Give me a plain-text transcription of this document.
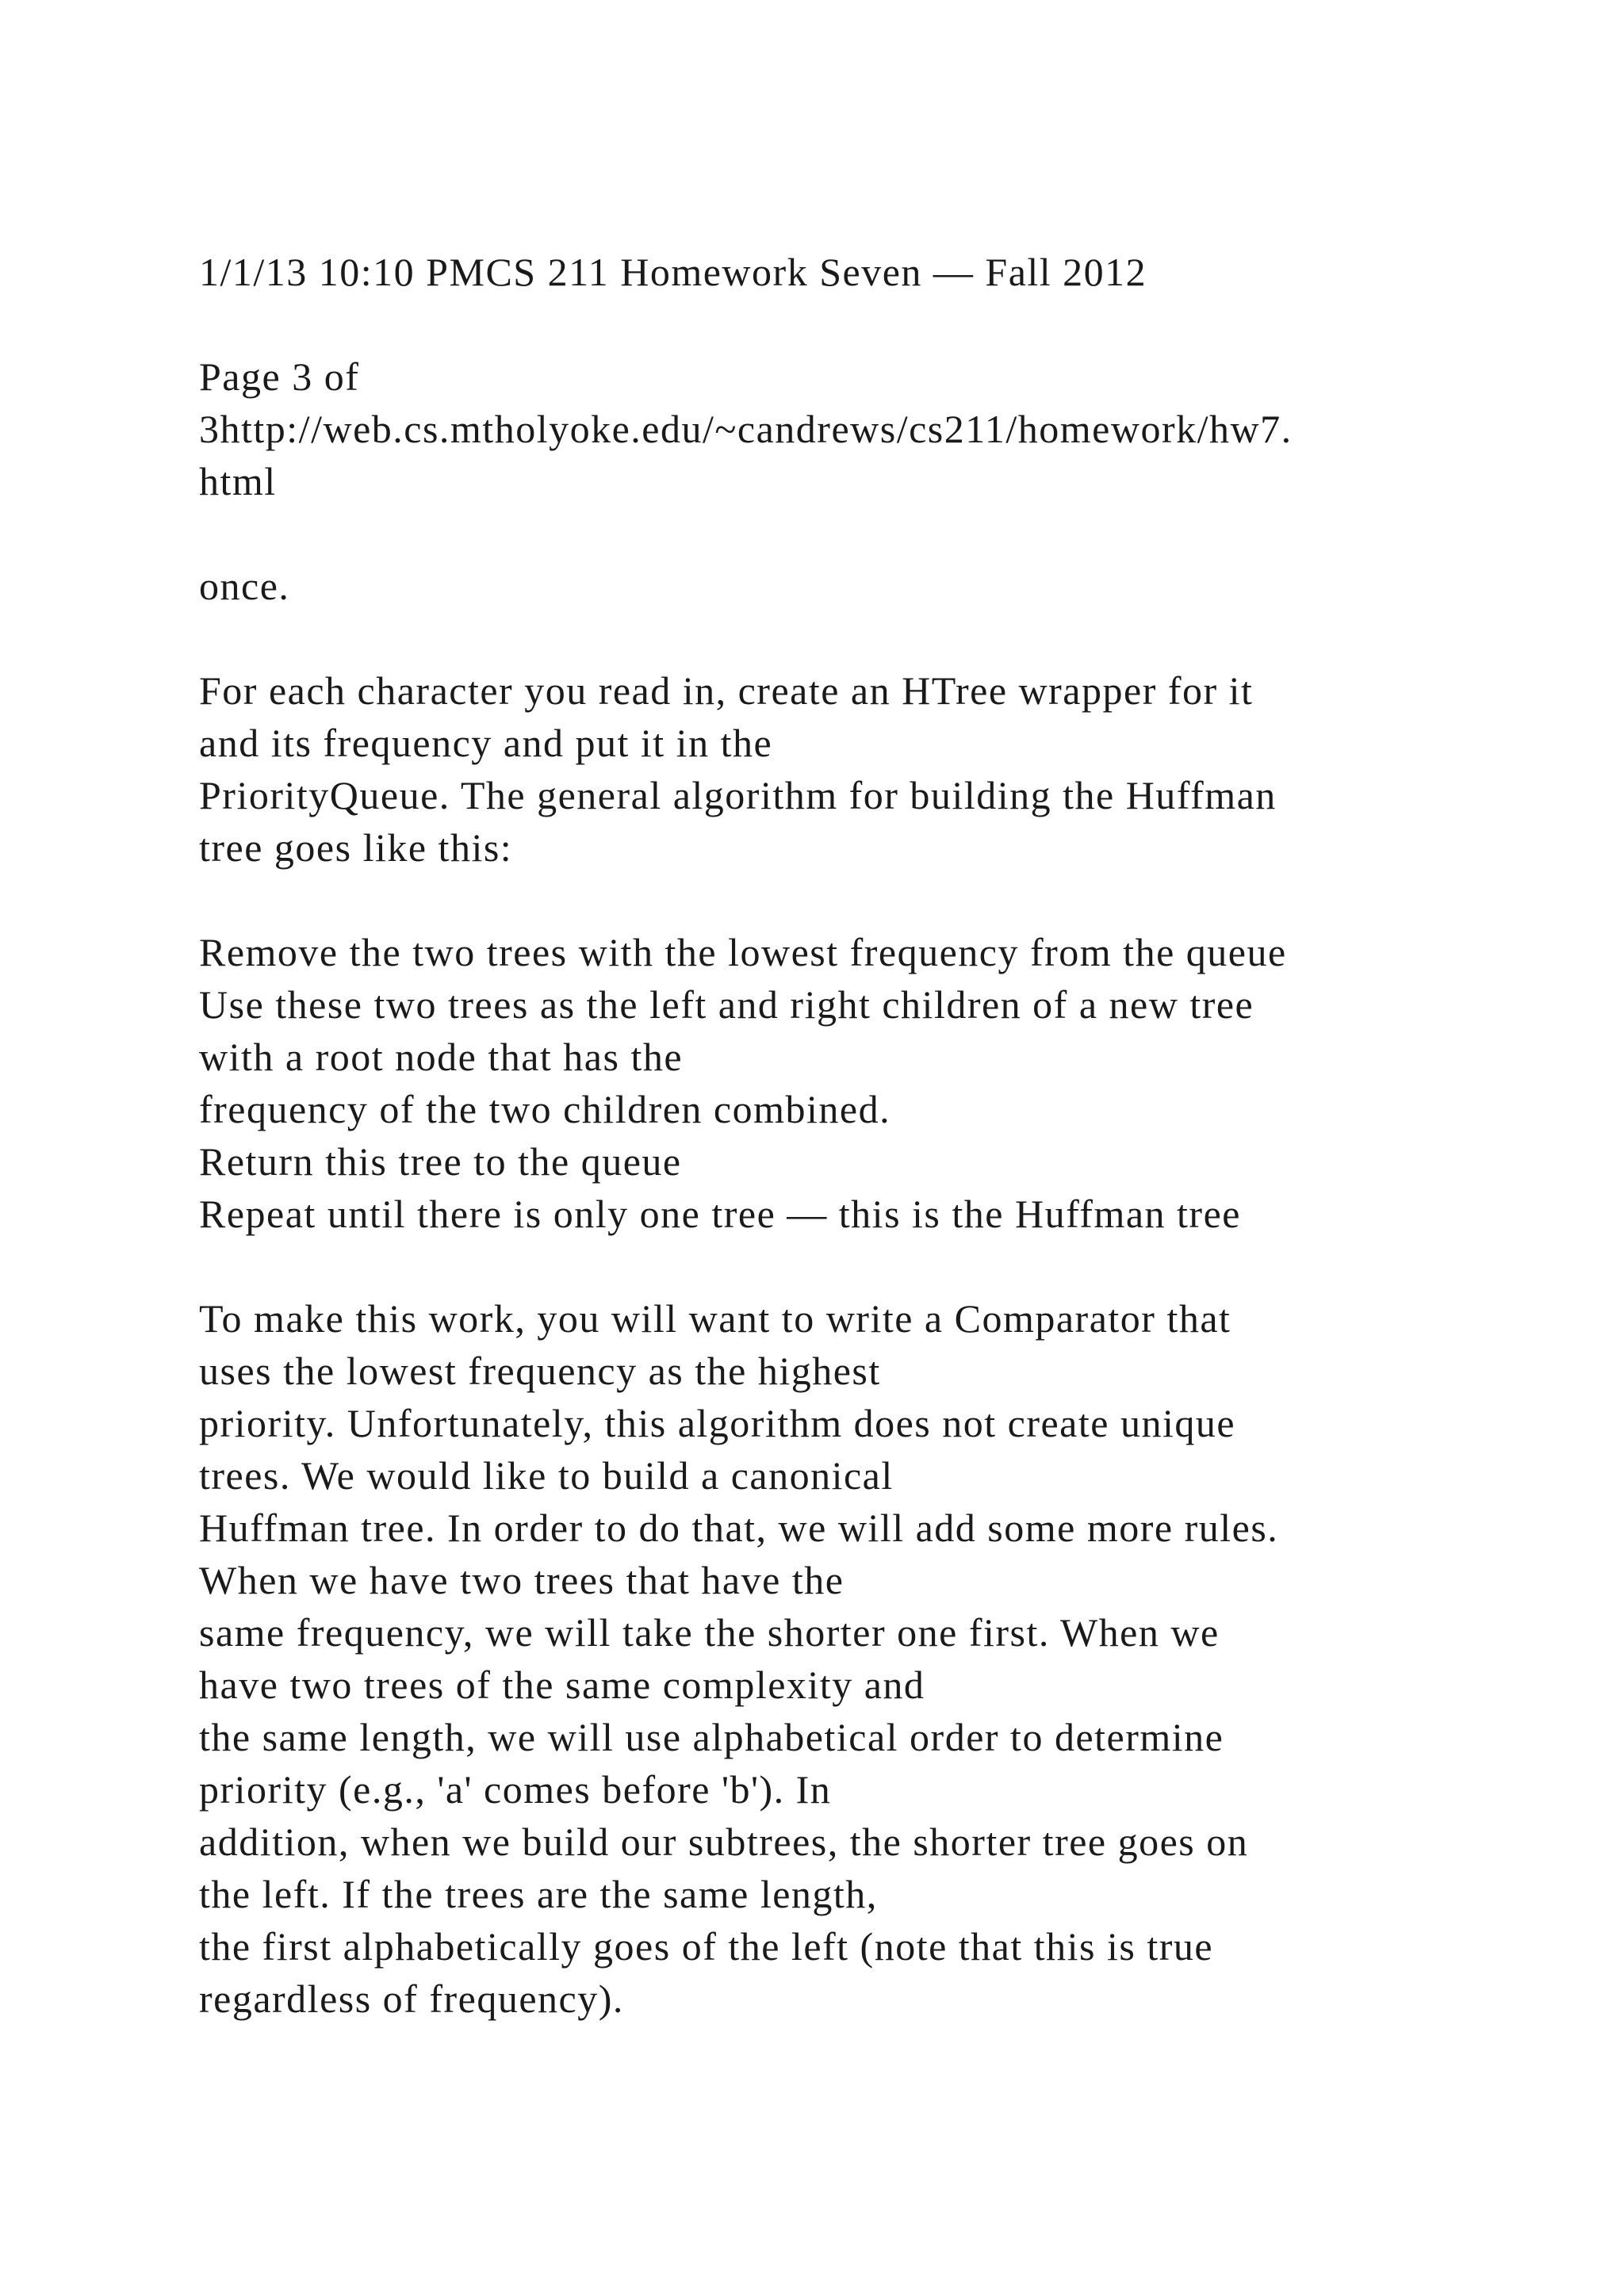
1/1/13 10:10 PMCS 211 Homework Seven — Fall 2012
Page 3 of
3http://web.cs.mtholyoke.edu/~candrews/cs211/homework/hw7.
html
once.
For each character you read in, create an HTree wrapper for it
and its frequency and put it in the
PriorityQueue. The general algorithm for building the Huffman
tree goes like this:
Remove the two trees with the lowest frequency from the queue
Use these two trees as the left and right children of a new tree
with a root node that has the
frequency of the two children combined.
Return this tree to the queue
Repeat until there is only one tree — this is the Huffman tree
To make this work, you will want to write a Comparator that
uses the lowest frequency as the highest
priority. Unfortunately, this algorithm does not create unique
trees. We would like to build a canonical
Huffman tree. In order to do that, we will add some more rules.
When we have two trees that have the
same frequency, we will take the shorter one first. When we
have two trees of the same complexity and
the same length, we will use alphabetical order to determine
priority (e.g., 'a' comes before 'b'). In
addition, when we build our subtrees, the shorter tree goes on
the left. If the trees are the same length,
the first alphabetically goes of the left (note that this is true
regardless of frequency).
